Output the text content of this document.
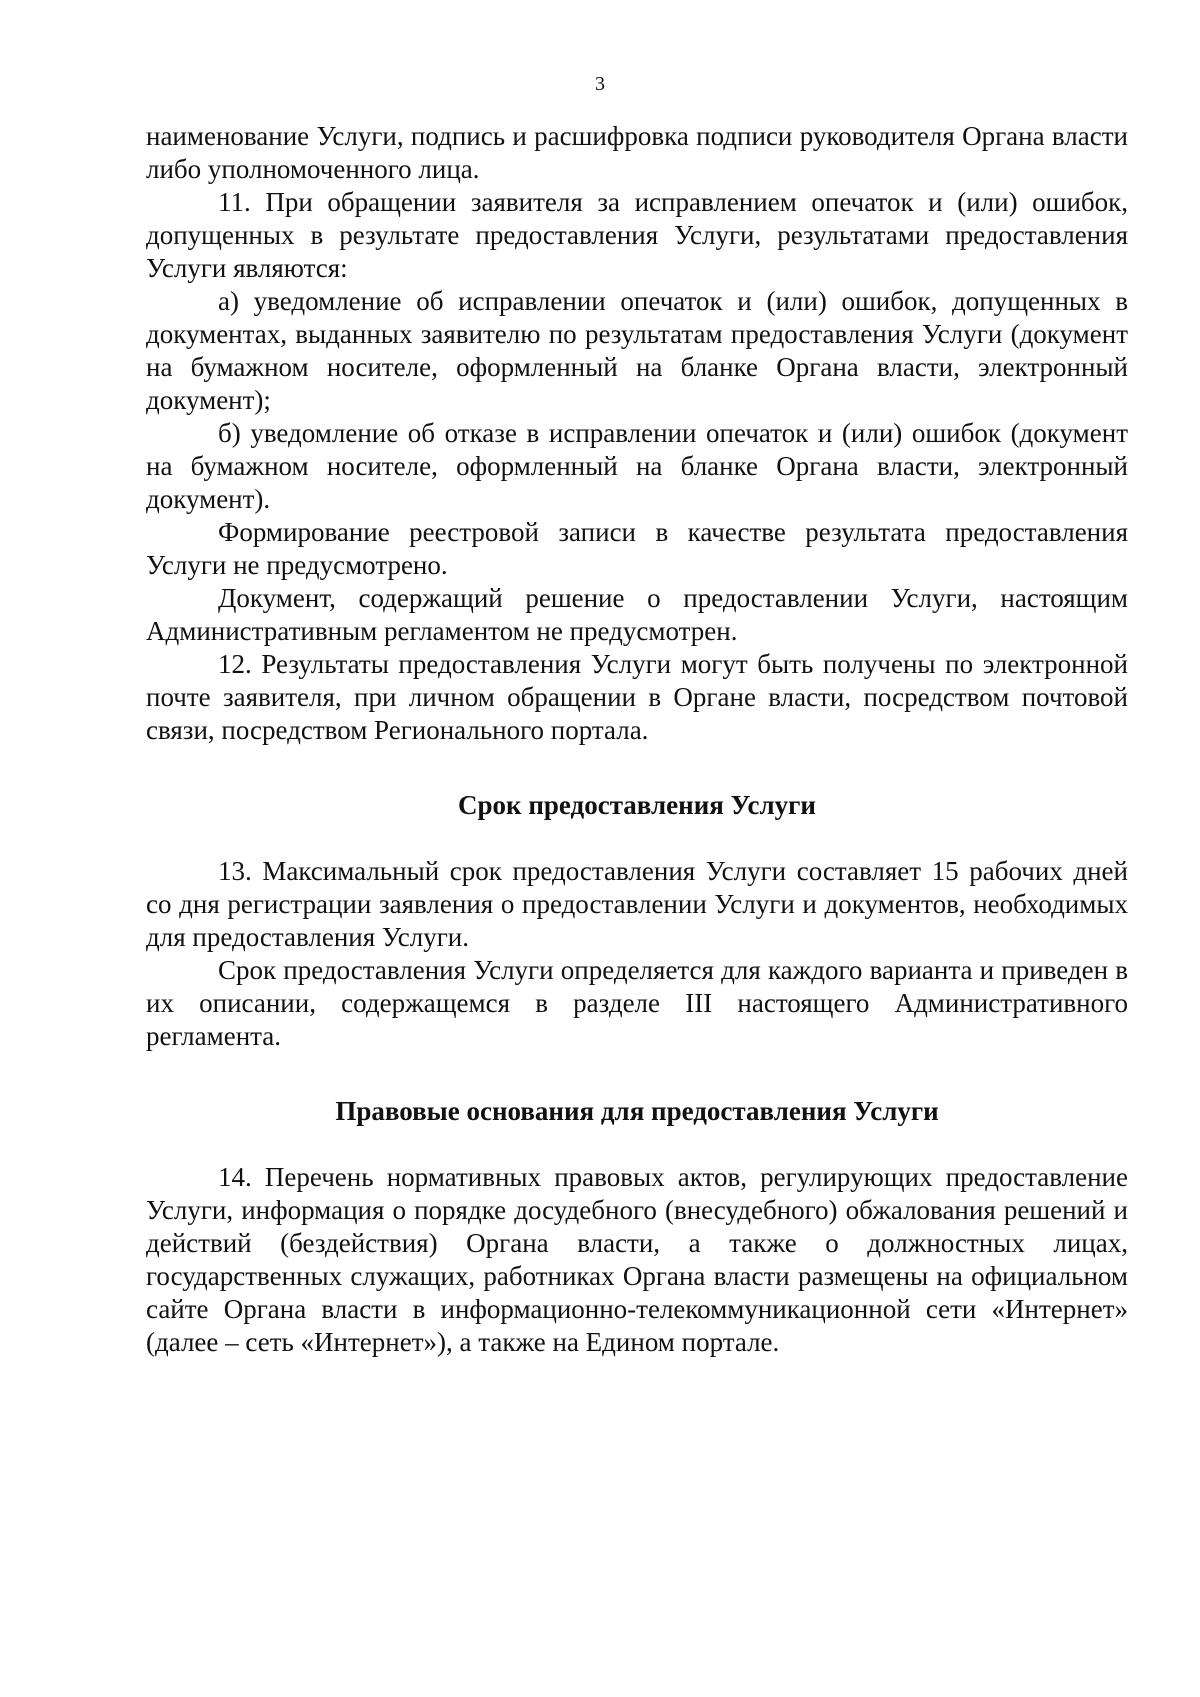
3

наименование Услуги, подпись и расшифровка подписи руководителя Органа власти либо уполномоченного лица.

11. При обращении заявителя за исправлением опечаток и (или) ошибок, допущенных в результате предоставления Услуги, результатами предоставления Услуги являются:

а) уведомление об исправлении опечаток и (или) ошибок, допущенных в документах, выданных заявителю по результатам предоставления Услуги (документ на бумажном носителе, оформленный на бланке Органа власти, электронный документ);

б) уведомление об отказе в исправлении опечаток и (или) ошибок (документ на бумажном носителе, оформленный на бланке Органа власти, электронный документ).

Формирование реестровой записи в качестве результата предоставления Услуги не предусмотрено.

Документ, содержащий решение о предоставлении Услуги, настоящим Административным регламентом не предусмотрен.

12. Результаты предоставления Услуги могут быть получены по электронной почте заявителя, при личном обращении в Органе власти, посредством почтовой связи, посредством Регионального портала.

Срок предоставления Услуги

13. Максимальный срок предоставления Услуги составляет 15 рабочих дней со дня регистрации заявления о предоставлении Услуги и документов, необходимых для предоставления Услуги.

Срок предоставления Услуги определяется для каждого варианта и приведен в их описании, содержащемся в разделе III настоящего Административного регламента.

Правовые основания для предоставления Услуги

14. Перечень нормативных правовых актов, регулирующих предоставление Услуги, информация о порядке досудебного (внесудебного) обжалования решений и действий (бездействия) Органа власти, а также о должностных лицах, государственных служащих, работниках Органа власти размещены на официальном сайте Органа власти в информационно-телекоммуникационной сети «Интернет» (далее – сеть «Интернет»), а также на Едином портале.
